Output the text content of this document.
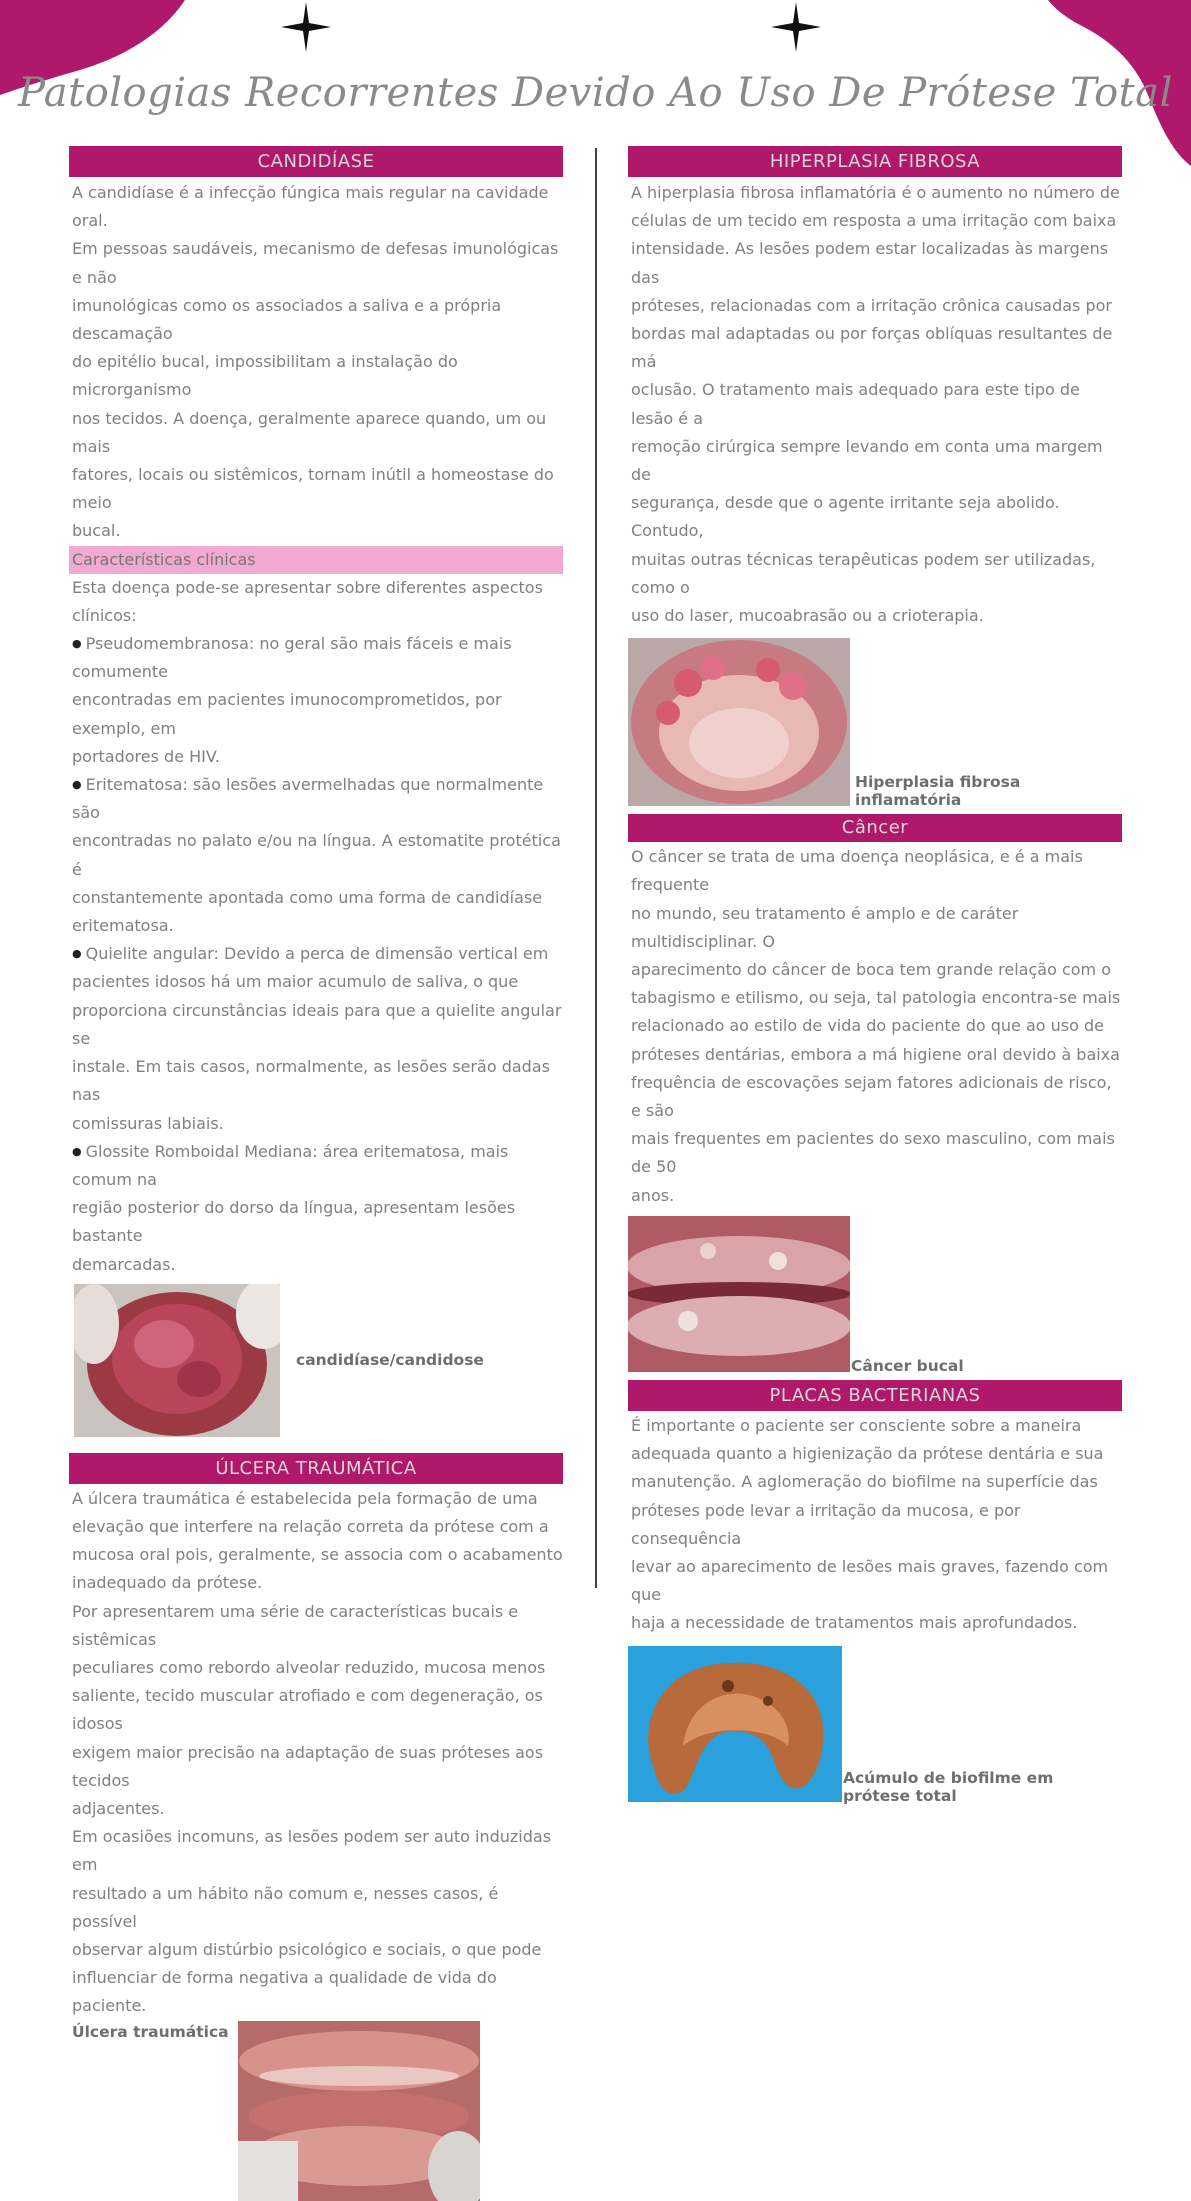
Patologias Recorrentes Devido Ao Uso De Prótese Total
CANDIDÍASE

A candidíase é a infecção fúngica mais regular na cavidade oral.

Em pessoas saudáveis, mecanismo de defesas imunológicas e não

imunológicas como os associados a saliva e a própria descamação

do epitélio bucal, impossibilitam a instalação do microrganismo

nos tecidos. A doença, geralmente aparece quando, um ou mais

fatores, locais ou sistêmicos, tornam inútil a homeostase do meio

bucal.

Características clínicas

Esta doença pode-se apresentar sobre diferentes aspectos

clínicos:

● Pseudomembranosa: no geral são mais fáceis e mais comumente

encontradas em pacientes imunocomprometidos, por exemplo, em

portadores de HIV.

● Eritematosa: são lesões avermelhadas que normalmente são

encontradas no palato e/ou na língua. A estomatite protética é

constantemente apontada como uma forma de candidíase

eritematosa.

● Quielite angular: Devido a perca de dimensão vertical em

pacientes idosos há um maior acumulo de saliva, o que

proporciona circunstâncias ideais para que a quielite angular se

instale. Em tais casos, normalmente, as lesões serão dadas nas

comissuras labiais.

● Glossite Romboidal Mediana: área eritematosa, mais comum na

região posterior do dorso da língua, apresentam lesões bastante

demarcadas.

candidíase/candidose
ÚLCERA TRAUMÁTICA

A úlcera traumática é estabelecida pela formação de uma

elevação que interfere na relação correta da prótese com a

mucosa oral pois, geralmente, se associa com o acabamento

inadequado da prótese.

Por apresentarem uma série de características bucais e sistêmicas

peculiares como rebordo alveolar reduzido, mucosa menos

saliente, tecido muscular atrofiado e com degeneração, os idosos

exigem maior precisão na adaptação de suas próteses aos tecidos

adjacentes.

Em ocasiões incomuns, as lesões podem ser auto induzidas em

resultado a um hábito não comum e, nesses casos, é possível

observar algum distúrbio psicológico e sociais, o que pode

influenciar de forma negativa a qualidade de vida do paciente.

Úlcera traumática
HIPERPLASIA FIBROSA

A hiperplasia fibrosa inflamatória é o aumento no número de

células de um tecido em resposta a uma irritação com baixa

intensidade. As lesões podem estar localizadas às margens das

próteses, relacionadas com a irritação crônica causadas por

bordas mal adaptadas ou por forças oblíquas resultantes de má

oclusão. O tratamento mais adequado para este tipo de lesão é a

remoção cirúrgica sempre levando em conta uma margem de

segurança, desde que o agente irritante seja abolido. Contudo,

muitas outras técnicas terapêuticas podem ser utilizadas, como o

uso do laser, mucoabrasão ou a crioterapia.

Hiperplasia fibrosa inflamatória
Câncer

O câncer se trata de uma doença neoplásica, e é a mais frequente

no mundo, seu tratamento é amplo e de caráter multidisciplinar. O

aparecimento do câncer de boca tem grande relação com o

tabagismo e etilismo, ou seja, tal patologia encontra-se mais

relacionado ao estilo de vida do paciente do que ao uso de

próteses dentárias, embora a má higiene oral devido à baixa

frequência de escovações sejam fatores adicionais de risco, e são

mais frequentes em pacientes do sexo masculino, com mais de 50

anos.

Câncer bucal
PLACAS BACTERIANAS

É importante o paciente ser consciente sobre a maneira

adequada quanto a higienização da prótese dentária e sua

manutenção. A aglomeração do biofilme na superfície das

próteses pode levar a irritação da mucosa, e por consequência

levar ao aparecimento de lesões mais graves, fazendo com que

haja a necessidade de tratamentos mais aprofundados.

Acúmulo de biofilme em prótese total
